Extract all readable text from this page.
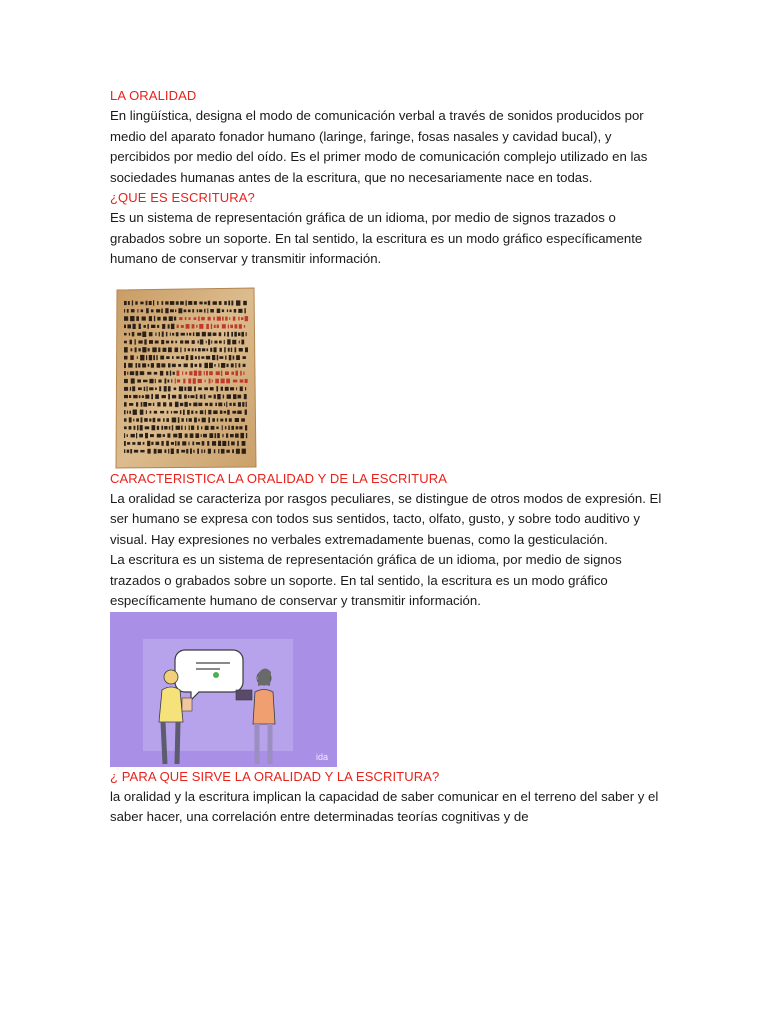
LA ORALIDAD

En lingüística, designa el modo de comunicación verbal a través de sonidos producidos por medio del aparato fonador humano (laringe, faringe, fosas nasales y cavidad bucal), y percibidos por medio del oído. Es el primer modo de comunicación complejo utilizado en las sociedades humanas antes de la escritura, que no necesariamente nace en todas.

¿QUE ES ESCRITURA?

Es un sistema de representación gráfica de un idioma, por medio de signos trazados o grabados sobre un soporte. En tal sentido, la escritura es un modo gráfico específicamente humano de conservar y transmitir información.

CARACTERISTICA LA ORALIDAD Y DE LA ESCRITURA

La oralidad se caracteriza por rasgos peculiares, se distingue de otros modos de expresión. El ser humano se expresa con todos sus sentidos, tacto, olfato, gusto, y sobre todo auditivo y visual. Hay expresiones no verbales extremadamente buenas, como la gesticulación.

La escritura es un sistema de representación gráfica de un idioma, por medio de signos trazados o grabados sobre un soporte. En tal sentido, la escritura es un modo gráfico específicamente humano de conservar y transmitir información.

ida
¿ PARA QUE SIRVE LA ORALIDAD Y LA ESCRITURA?

la oralidad y la escritura implican la capacidad de saber comunicar en el terreno del saber y el saber hacer, una correlación entre determinadas teorías cognitivas y de
